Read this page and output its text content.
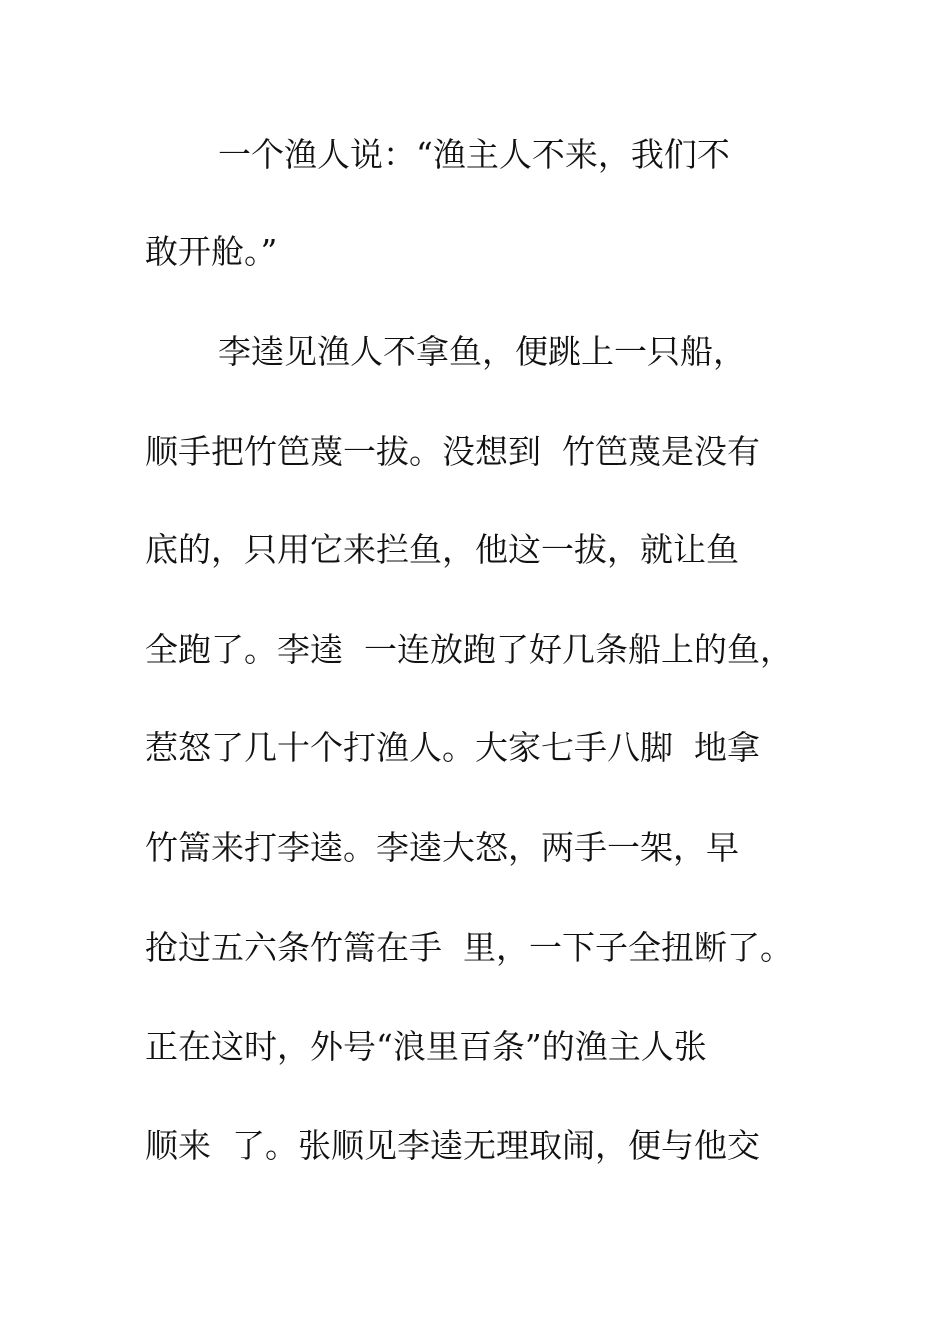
一个渔人说：“渔主人不来，我们不
敢开舱。”
李逵见渔人不拿鱼，便跳上一只船，
顺手把竹笆蔑一拔。没想到  竹笆蔑是没有
底的，只用它来拦鱼，他这一拔，就让鱼
全跑了。李逵  一连放跑了好几条船上的鱼，
惹怒了几十个打渔人。大家七手八脚  地拿
竹篙来打李逵。李逵大怒，两手一架，早
抢过五六条竹篙在手  里，一下子全扭断了。
正在这时，外号“浪里百条”的渔主人张
顺来  了。张顺见李逵无理取闹，便与他交
